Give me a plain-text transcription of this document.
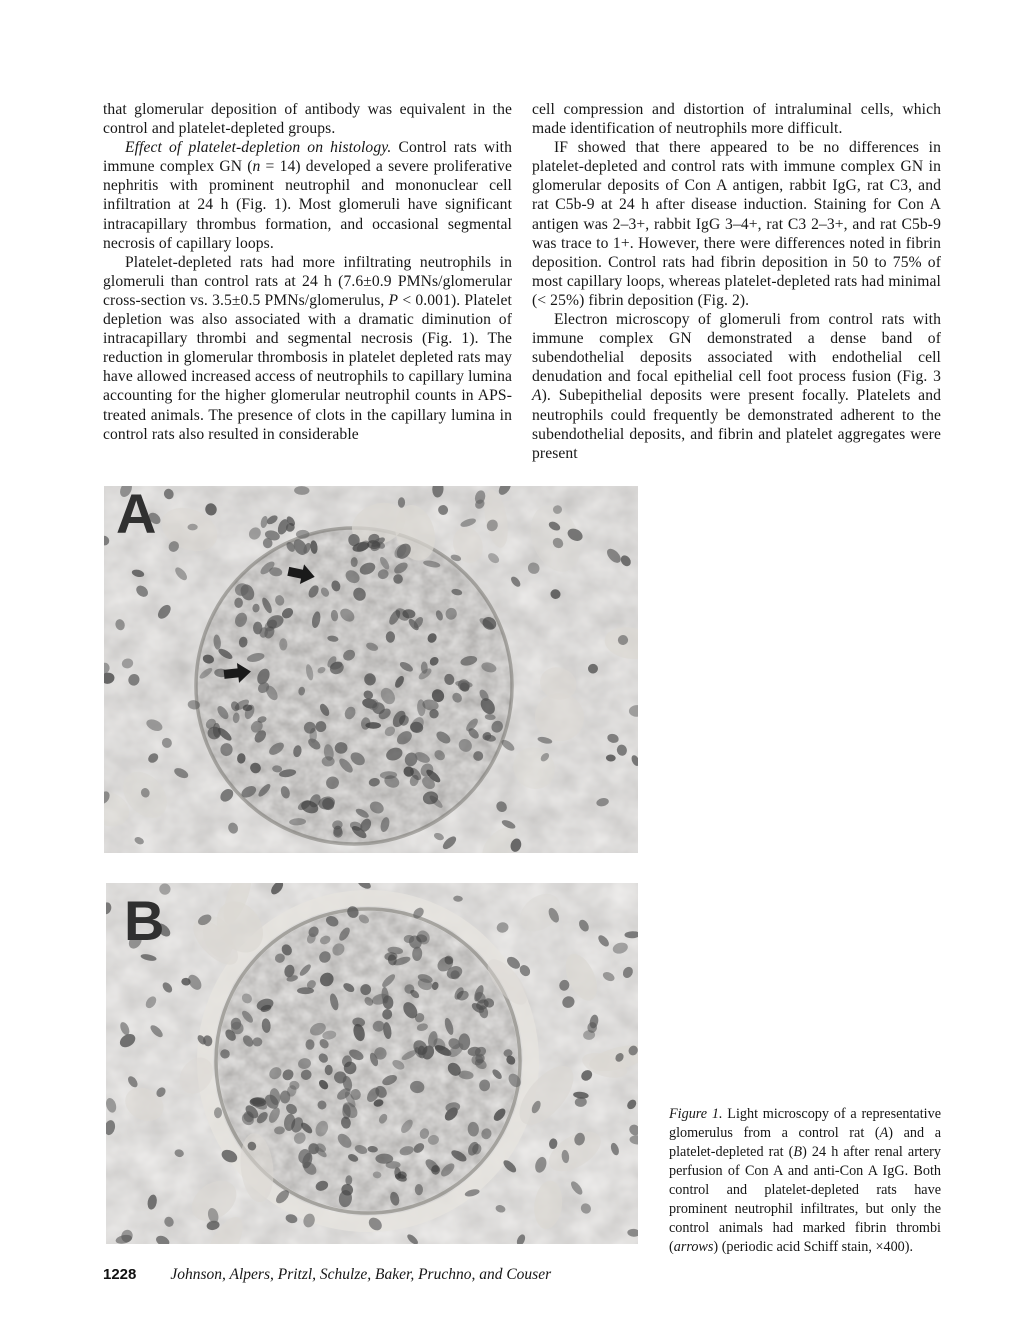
that glomerular deposition of antibody was equivalent in the control and platelet-depleted groups.

Effect of platelet-depletion on histology. Control rats with immune complex GN (n = 14) developed a severe proliferative nephritis with prominent neutrophil and mononuclear cell infiltration at 24 h (Fig. 1). Most glomeruli have significant intracapillary thrombus formation, and occasional segmental necrosis of capillary loops.

Platelet-depleted rats had more infiltrating neutrophils in glomeruli than control rats at 24 h (7.6±0.9 PMNs/glomerular cross-section vs. 3.5±0.5 PMNs/glomerulus, P < 0.001). Platelet depletion was also associated with a dramatic diminution of intracapillary thrombi and segmental necrosis (Fig. 1). The reduction in glomerular thrombosis in platelet depleted rats may have allowed increased access of neutrophils to capillary lumina accounting for the higher glomerular neutrophil counts in APS-treated animals. The presence of clots in the capillary lumina in control rats also resulted in considerable

cell compression and distortion of intraluminal cells, which made identification of neutrophils more difficult.

IF showed that there appeared to be no differences in platelet-depleted and control rats with immune complex GN in glomerular deposits of Con A antigen, rabbit IgG, rat C3, and rat C5b-9 at 24 h after disease induction. Staining for Con A antigen was 2–3+, rabbit IgG 3–4+, rat C3 2–3+, and rat C5b-9 was trace to 1+. However, there were differences noted in fibrin deposition. Control rats had fibrin deposition in 50 to 75% of most capillary loops, whereas platelet-depleted rats had minimal (< 25%) fibrin deposition (Fig. 2).

Electron microscopy of glomeruli from control rats with immune complex GN demonstrated a dense band of subendothelial deposits associated with endothelial cell denudation and focal epithelial cell foot process fusion (Fig. 3 A). Subepithelial deposits were present focally. Platelets and neutrophils could frequently be demonstrated adherent to the subendothelial deposits, and fibrin and platelet aggregates were present

A
B
Figure 1. Light microscopy of a representative glomerulus from a control rat (A) and a platelet-depleted rat (B) 24 h after renal artery perfusion of Con A and anti-Con A IgG. Both control and platelet-depleted rats have prominent neutrophil infiltrates, but only the control animals had marked fibrin thrombi (arrows) (periodic acid Schiff stain, ×400).
1228 Johnson, Alpers, Pritzl, Schulze, Baker, Pruchno, and Couser
